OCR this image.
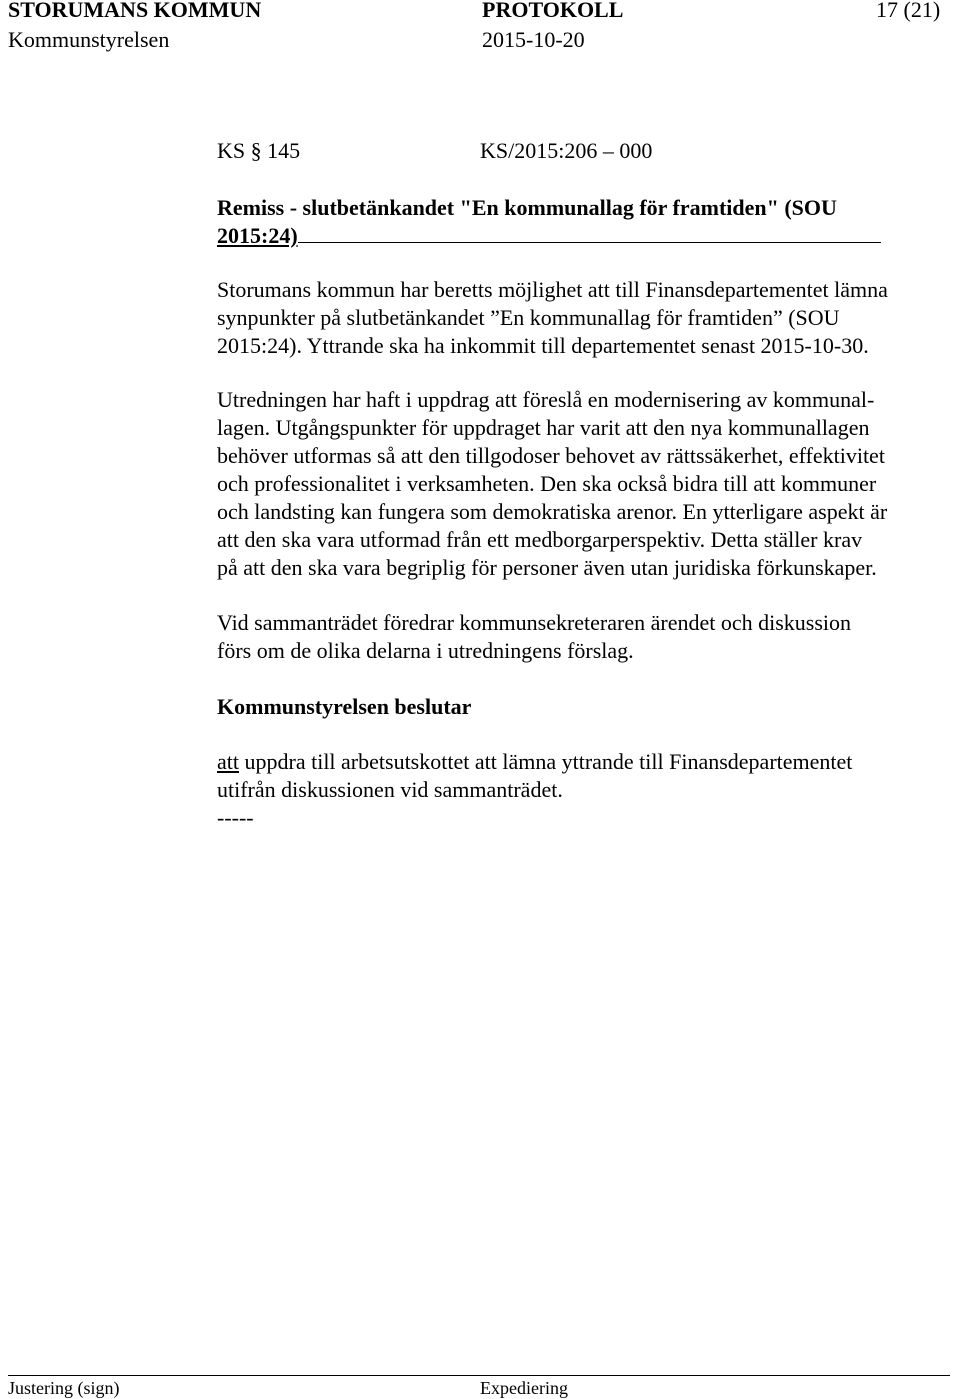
STORUMANS KOMMUN	PROTOKOLL	17 (21)
Kommunstyrelsen	2015-10-20
KS § 145	KS/2015:206 – 000
Remiss - slutbetänkandet "En kommunallag för framtiden" (SOU
2015:24)
Storumans kommun har beretts möjlighet att till Finansdepartementet lämna
synpunkter på slutbetänkandet ”En kommunallag för framtiden” (SOU
2015:24). Yttrande ska ha inkommit till departementet senast 2015-10-30.
Utredningen har haft i uppdrag att föreslå en modernisering av kommunal-
lagen. Utgångspunkter för uppdraget har varit att den nya kommunallagen
behöver utformas så att den tillgodoser behovet av rättssäkerhet, effektivitet
och professionalitet i verksamheten. Den ska också bidra till att kommuner
och landsting kan fungera som demokratiska arenor. En ytterligare aspekt är
att den ska vara utformad från ett medborgarperspektiv. Detta ställer krav
på att den ska vara begriplig för personer även utan juridiska förkunskaper.
Vid sammanträdet föredrar kommunsekreteraren ärendet och diskussion
förs om de olika delarna i utredningens förslag.
Kommunstyrelsen beslutar
att uppdra till arbetsutskottet att lämna yttrande till Finansdepartementet
utifrån diskussionen vid sammanträdet.
-----
Justering (sign)	Expediering
